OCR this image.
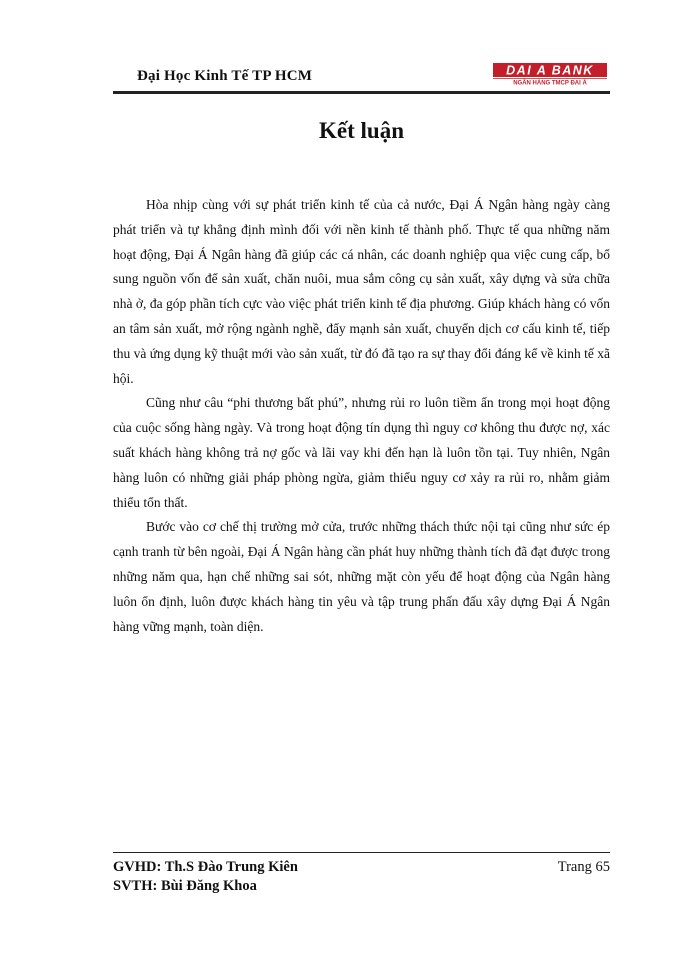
Đại Học Kinh Tế TP HCM	DAI A BANK
NGÂN HÀNG TMCP ĐẠI Á
Kết luận

Hòa nhịp cùng với sự phát triển kinh tế của cả nước, Đại Á Ngân hàng ngày càng phát triển và tự khẳng định mình đối với nền kinh tế thành phố. Thực tế qua những năm hoạt động, Đại Á Ngân hàng đã giúp các cá nhân, các doanh nghiệp qua việc cung cấp, bổ sung nguồn vốn để sản xuất, chăn nuôi, mua sắm công cụ sản xuất, xây dựng và sửa chữa nhà ở, đa góp phần tích cực vào việc phát triển kinh tế địa phương. Giúp khách hàng có vốn an tâm sản xuất, mở rộng ngành nghề, đẩy mạnh sản xuất, chuyển dịch cơ cấu kinh tế, tiếp thu và ứng dụng kỹ thuật mới vào sản xuất, từ đó đã tạo ra sự thay đổi đáng kể về kinh tế xã hội.

Cũng như câu “phi thương bất phú”, nhưng rủi ro luôn tiềm ẩn trong mọi hoạt động của cuộc sống hàng ngày. Và trong hoạt động tín dụng thì nguy cơ không thu được nợ, xác suất khách hàng không trả nợ gốc và lãi vay khi đến hạn là luôn tồn tại. Tuy nhiên, Ngân hàng luôn có những giải pháp phòng ngừa, giảm thiểu nguy cơ xảy ra rủi ro, nhằm giảm thiểu tổn thất.

Bước vào cơ chế thị trường mở cửa, trước những thách thức nội tại cũng như sức ép cạnh tranh từ bên ngoài, Đại Á Ngân hàng cần phát huy những thành tích đã đạt được trong những năm qua, hạn chế những sai sót, những mặt còn yếu để hoạt động của Ngân hàng luôn ổn định, luôn được khách hàng tin yêu và tập trung phấn đấu xây dựng Đại Á Ngân hàng vững mạnh, toàn diện.

GVHD: Th.S Đào Trung Kiên
SVTH: Bùi Đăng Khoa
Trang 65
